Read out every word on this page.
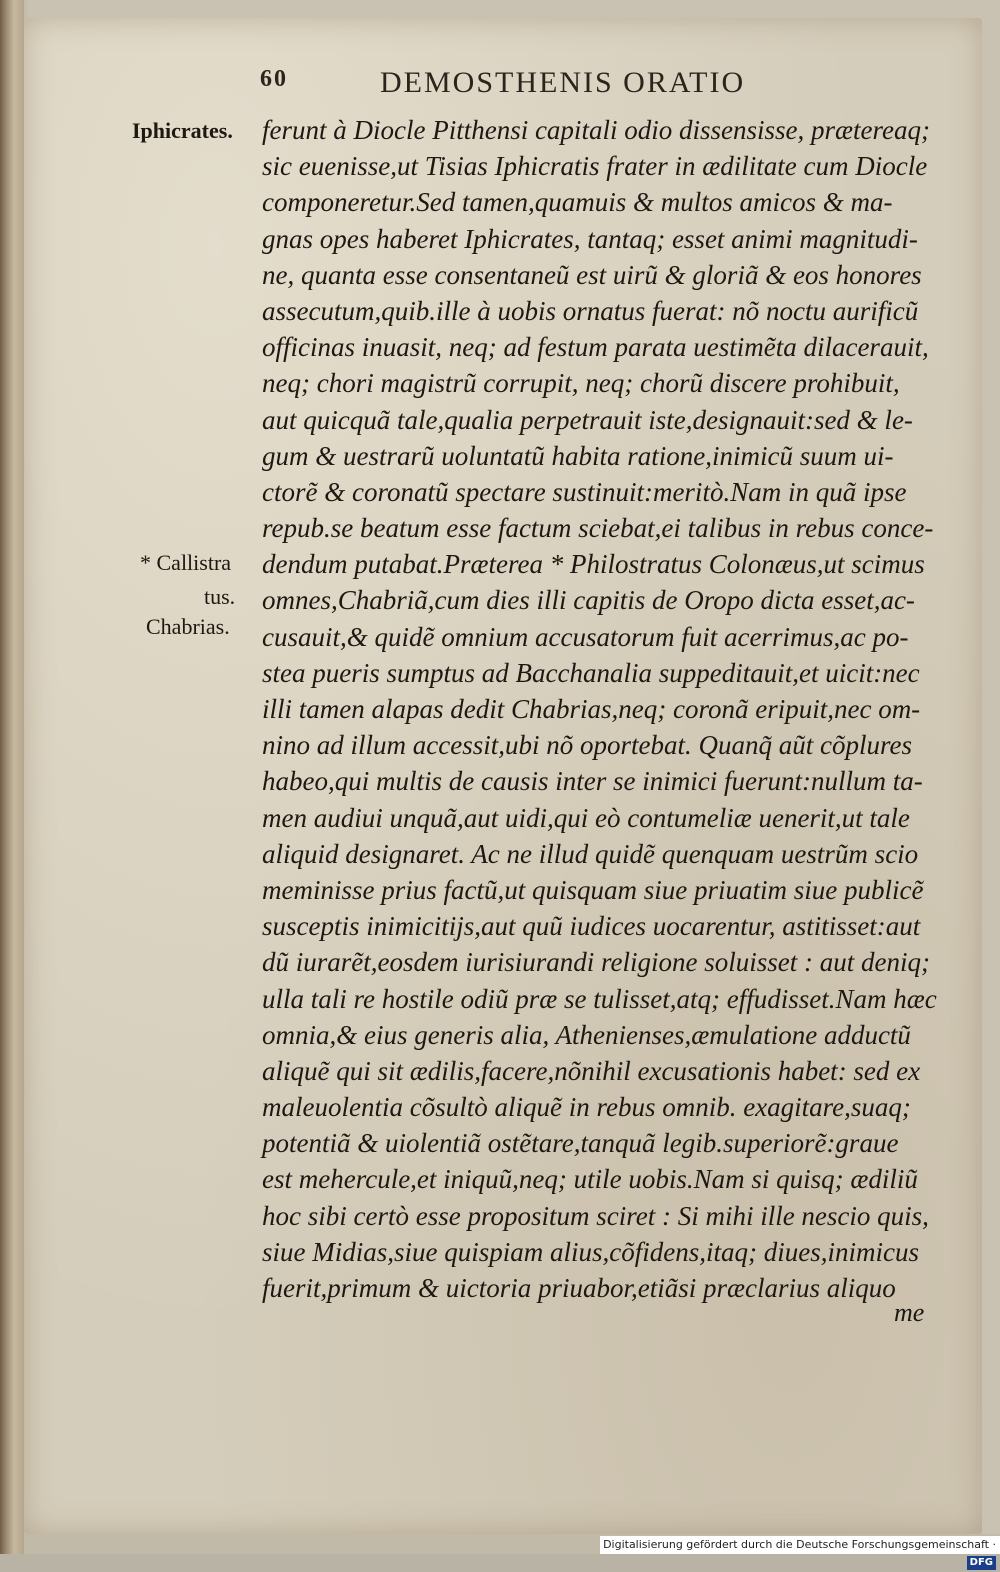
60	DEMOSTHENIS ORATIO
Iphicrates.
* Callistra
tus.
Chabrias.
ferunt à Diocle Pitthensi capitali odio dissensisse, prætereaq;
sic euenisse,ut Tisias Iphicratis frater in ædilitate cum Diocle
componeretur.Sed tamen,quamuis & multos amicos & ma-
gnas opes haberet Iphicrates, tantaq; esset animi magnitudi-
ne, quanta esse consentaneũ est uirũ & gloriã & eos honores
assecutum,quib.ille à uobis ornatus fuerat: nõ noctu aurificũ
officinas inuasit, neq; ad festum parata uestimẽta dilacerauit,
neq; chori magistrũ corrupit, neq; chorũ discere prohibuit,
aut quicquã tale,qualia perpetrauit iste,designauit:sed & le-
gum & uestrarũ uoluntatũ habita ratione,inimicũ suum ui-
ctorẽ & coronatũ spectare sustinuit:meritò.Nam in quã ipse
repub.se beatum esse factum sciebat,ei talibus in rebus conce-
dendum putabat.Præterea * Philostratus Colonæus,ut scimus
omnes,Chabriã,cum dies illi capitis de Oropo dicta esset,ac-
cusauit,& quidẽ omnium accusatorum fuit acerrimus,ac po-
stea pueris sumptus ad Bacchanalia suppeditauit,et uicit:nec
illi tamen alapas dedit Chabrias,neq; coronã eripuit,nec om-
nino ad illum accessit,ubi nõ oportebat. Quanq̃ aũt cõplures
habeo,qui multis de causis inter se inimici fuerunt:nullum ta-
men audiui unquã,aut uidi,qui eò contumeliæ uenerit,ut tale
aliquid designaret. Ac ne illud quidẽ quenquam uestrũm scio
meminisse prius factũ,ut quisquam siue priuatim siue publicẽ
susceptis inimicitijs,aut quũ iudices uocarentur, astitisset:aut
dũ iurarẽt,eosdem iurisiurandi religione soluisset : aut deniq;
ulla tali re hostile odiũ præ se tulisset,atq; effudisset.Nam hæc
omnia,& eius generis alia, Athenienses,æmulatione adductũ
aliquẽ qui sit ædilis,facere,nõnihil excusationis habet: sed ex
maleuolentia cõsultò aliquẽ in rebus omnib. exagitare,suaq;
potentiã & uiolentiã ostẽtare,tanquã legib.superiorẽ:graue
est mehercule,et iniquũ,neq; utile uobis.Nam si quisq; ædiliũ
hoc sibi certò esse propositum sciret : Si mihi ille nescio quis,
siue Midias,siue quispiam alius,cõfidens,itaq; diues,inimicus
fuerit,primum & uictoria priuabor,etiãsi præclarius aliquo
me
Digitalisierung gefördert durch die Deutsche Forschungsgemeinschaft · DFG
